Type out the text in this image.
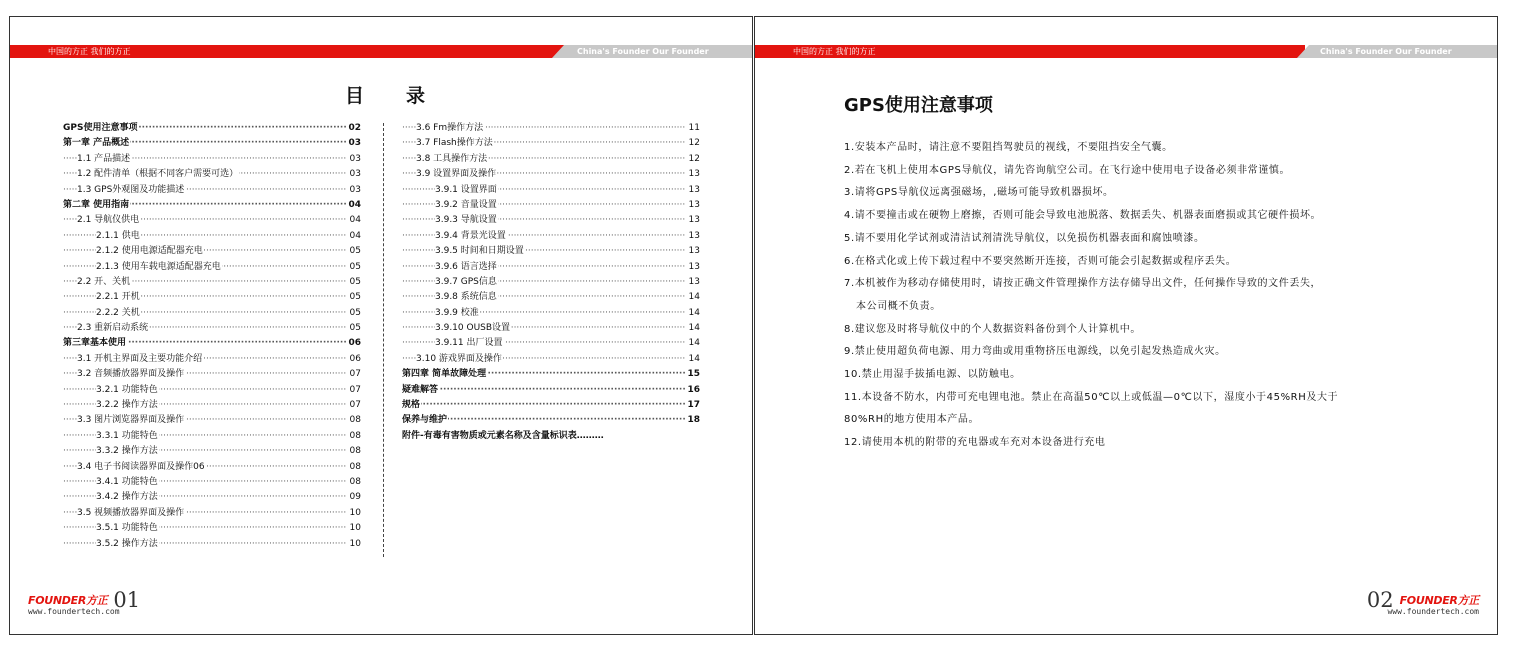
中国的方正 我们的方正	China's Founder Our Founder
目录
GPS使用注意事项 ·····	02
第一章 产品概述 ·····	03
1.1 产品描述 ·····	03
1.2 配件清单（根据不同客户需要可选） ·····	03
1.3 GPS外观图及功能描述 ·····	03
第二章 使用指南 ·····	04
2.1 导航仪供电 ·····	04
2.1.1 供电 ·····	04
2.1.2 使用电源适配器充电 ·····	05
2.1.3 使用车载电源适配器充电 ·····	05
2.2 开、关机 ·····	05
2.2.1 开机 ·····	05
2.2.2 关机 ·····	05
2.3 重新启动系统 ·····	05
第三章基本使用 ·····	06
3.1 开机主界面及主要功能介绍 ·····	06
3.2 音频播放器界面及操作 ·····	07
3.2.1 功能特色 ·····	07
3.2.2 操作方法 ·····	07
3.3 图片浏览器界面及操作 ·····	08
3.3.1 功能特色 ·····	08
3.3.2 操作方法 ·····	08
3.4 电子书阅读器界面及操作06 ·····	08
3.4.1 功能特色 ·····	08
3.4.2 操作方法 ·····	09
3.5 视频播放器界面及操作 ·····	10
3.5.1 功能特色 ·····	10
3.5.2 操作方法 ·····	10
3.6 Fm操作方法 ·····	11
3.7 Flash操作方法 ·····	12
3.8 工具操作方法 ·····	12
3.9 设置界面及操作 ·····	13
3.9.1 设置界面 ·····	13
3.9.2 音量设置 ·····	13
3.9.3 导航设置 ·····	13
3.9.4 背景光设置 ·····	13
3.9.5 时间和日期设置 ·····	13
3.9.6 语言选择 ·····	13
3.9.7 GPS信息 ·····	13
3.9.8 系统信息 ·····	14
3.9.9 校准 ·····	14
3.9.10 OUSB设置 ·····	14
3.9.11 出厂设置 ·····	14
3.10 游戏界面及操作 ·····	14
第四章 简单故障处理 ·····	15
疑难解答 ·····	16
规格 ·····	17
保养与维护 ·····	18
附件-有毒有害物质或元素名称及含量标识表………
FOUNDER方正 01
www.foundertech.com
中国的方正 我们的方正	China's Founder Our Founder
GPS使用注意事项
1.安装本产品时，请注意不要阻挡驾驶员的视线，不要阻挡安全气囊。
2.若在飞机上使用本GPS导航仪，请先咨询航空公司。在飞行途中使用电子设备必须非常谨慎。
3.请将GPS导航仪远离强磁场，,磁场可能导致机器损坏。
4.请不要撞击或在硬物上磨擦，否则可能会导致电池脱落、数据丢失、机器表面磨损或其它硬件损坏。
5.请不要用化学试剂或清洁试剂清洗导航仪，以免损伤机器表面和腐蚀喷漆。
6.在格式化或上传下载过程中不要突然断开连接，否则可能会引起数据或程序丢失。
7.本机被作为移动存储使用时，请按正确文件管理操作方法存储导出文件，任何操作导致的文件丢失，
本公司概不负责。
8.建议您及时将导航仪中的个人数据资料备份到个人计算机中。
9.禁止使用超负荷电源、用力弯曲或用重物挤压电源线，以免引起发热造成火灾。
10.禁止用湿手拔插电源、以防触电。
11.本设备不防水，内带可充电锂电池。禁止在高温50℃以上或低温—0℃以下，湿度小于45%RH及大于
80%RH的地方使用本产品。
12.请使用本机的附带的充电器或车充对本设备进行充电
02 FOUNDER方正
www.foundertech.com
